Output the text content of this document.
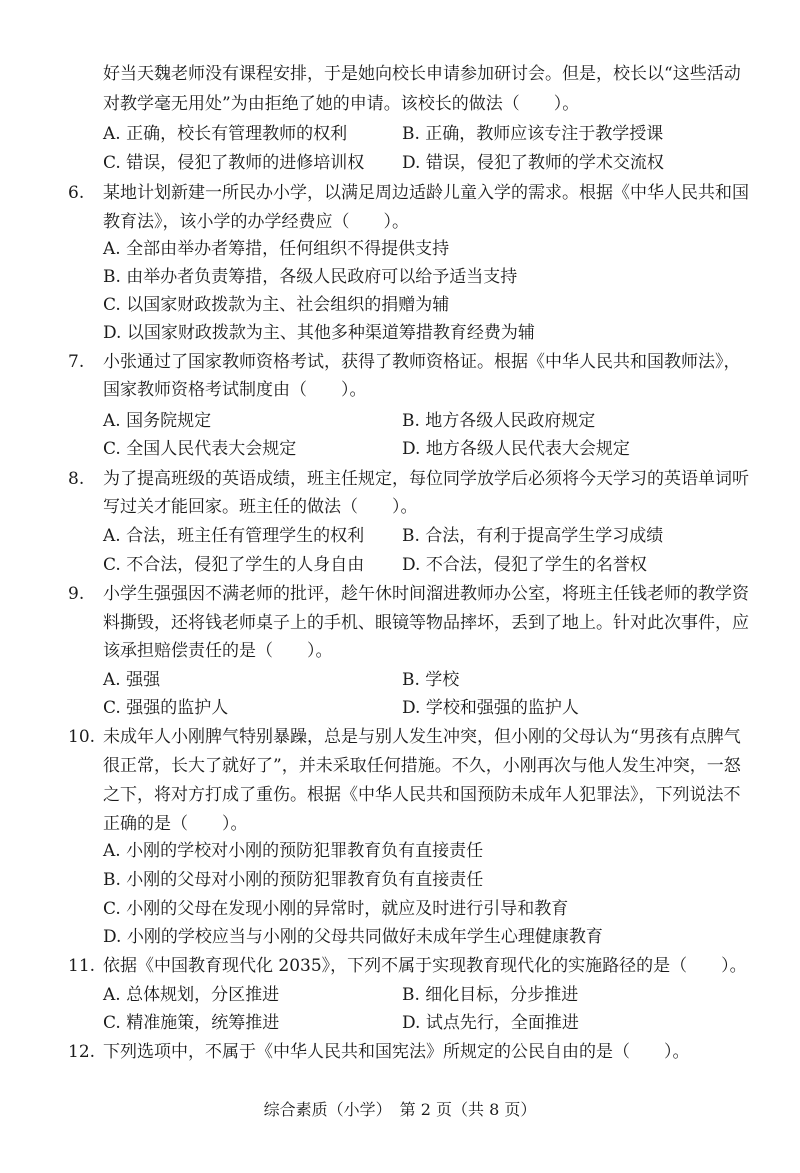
好当天魏老师没有课程安排，于是她向校长申请参加研讨会。但是，校长以“这些活动
对教学毫无用处”为由拒绝了她的申请。该校长的做法（　　）。
A. 正确，校长有管理教师的权利	B. 正确，教师应该专注于教学授课
C. 错误，侵犯了教师的进修培训权 D. 错误，侵犯了教师的学术交流权
6. 某地计划新建一所民办小学，以满足周边适龄儿童入学的需求。根据《中华人民共和国
教育法》，该小学的办学经费应（　　）。
A. 全部由举办者筹措，任何组织不得提供支持
B. 由举办者负责筹措，各级人民政府可以给予适当支持
C. 以国家财政拨款为主、社会组织的捐赠为辅
D. 以国家财政拨款为主、其他多种渠道筹措教育经费为辅
7. 小张通过了国家教师资格考试，获得了教师资格证。根据《中华人民共和国教师法》，
国家教师资格考试制度由（　　）。
A. 国务院规定	B. 地方各级人民政府规定
C. 全国人民代表大会规定	D. 地方各级人民代表大会规定
8. 为了提高班级的英语成绩，班主任规定，每位同学放学后必须将今天学习的英语单词听
写过关才能回家。班主任的做法（　　）。
A. 合法，班主任有管理学生的权利 B. 合法，有利于提高学生学习成绩
C. 不合法，侵犯了学生的人身自由 D. 不合法，侵犯了学生的名誉权
9. 小学生强强因不满老师的批评，趁午休时间溜进教师办公室，将班主任钱老师的教学资
料撕毁，还将钱老师桌子上的手机、眼镜等物品摔坏，丢到了地上。针对此次事件，应
该承担赔偿责任的是（　　）。
A. 强强	B. 学校
C. 强强的监护人	D. 学校和强强的监护人
10. 未成年人小刚脾气特别暴躁，总是与别人发生冲突，但小刚的父母认为“男孩有点脾气
很正常，长大了就好了”，并未采取任何措施。不久，小刚再次与他人发生冲突，一怒
之下，将对方打成了重伤。根据《中华人民共和国预防未成年人犯罪法》，下列说法不
正确的是（　　）。
A. 小刚的学校对小刚的预防犯罪教育负有直接责任
B. 小刚的父母对小刚的预防犯罪教育负有直接责任
C. 小刚的父母在发现小刚的异常时，就应及时进行引导和教育
D. 小刚的学校应当与小刚的父母共同做好未成年学生心理健康教育
11. 依据《中国教育现代化 2035》，下列不属于实现教育现代化的实施路径的是（　　）。
A. 总体规划，分区推进	B. 细化目标，分步推进
C. 精准施策，统筹推进	D. 试点先行，全面推进
12. 下列选项中，不属于《中华人民共和国宪法》所规定的公民自由的是（　　）。
综合素质（小学）　第 2 页（共 8 页）
